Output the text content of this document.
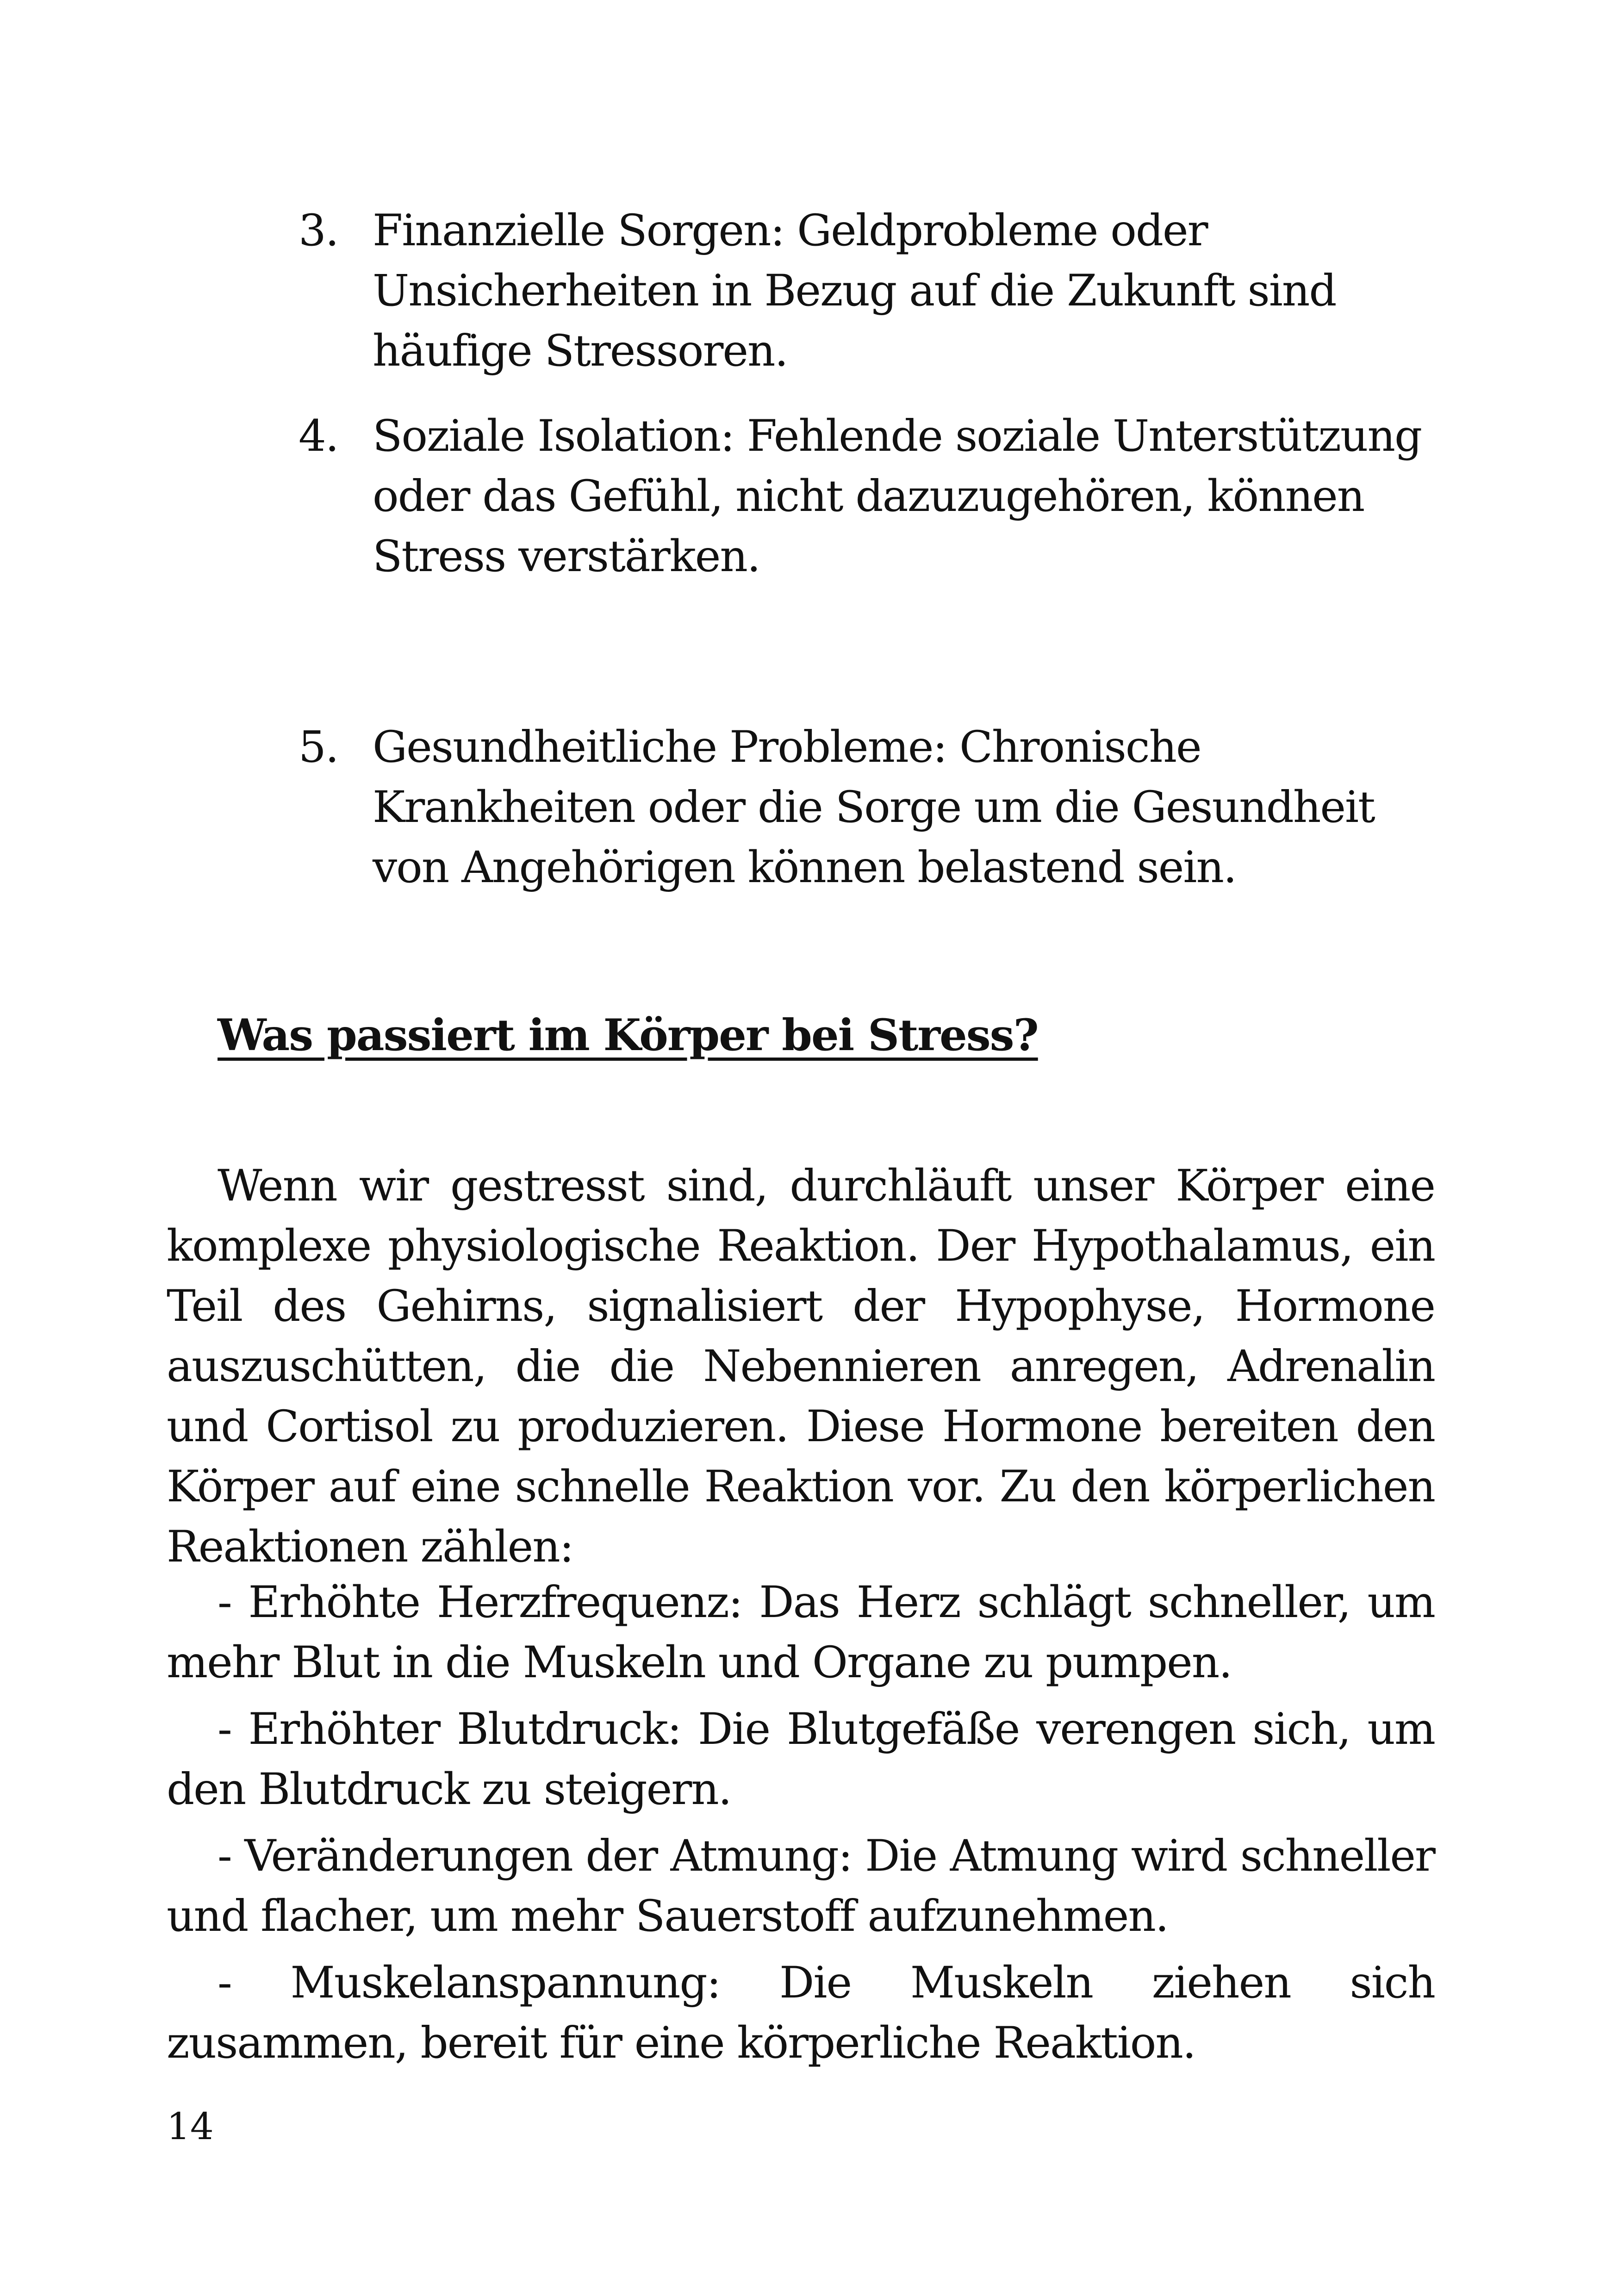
3. Finanzielle Sorgen: Geldprobleme oder Unsicherheiten in Bezug auf die Zukunft sind häufige Stressoren.
4. Soziale Isolation: Fehlende soziale Unterstützung oder das Gefühl, nicht dazuzugehören, können Stress verstärken.
5. Gesundheitliche Probleme: Chronische Krankheiten oder die Sorge um die Gesundheit von Angehörigen können belastend sein.
Was passiert im Körper bei Stress?

Wenn wir gestresst sind, durchläuft unser Körper eine komplexe physiologische Reaktion. Der Hypothalamus, ein Teil des Gehirns, signalisiert der Hypophyse, Hormone auszuschütten, die die Nebennieren anregen, Adrenalin und Cortisol zu produzieren. Diese Hormone bereiten den Körper auf eine schnelle Reaktion vor. Zu den körperlichen Reaktionen zählen:

- Erhöhte Herzfrequenz: Das Herz schlägt schneller, um mehr Blut in die Muskeln und Organe zu pumpen.

- Erhöhter Blutdruck: Die Blutgefäße verengen sich, um den Blutdruck zu steigern.

- Veränderungen der Atmung: Die Atmung wird schneller und flacher, um mehr Sauerstoff aufzunehmen.

- Muskelanspannung: Die Muskeln ziehen sich zusammen, bereit für eine körperliche Reaktion.

14
